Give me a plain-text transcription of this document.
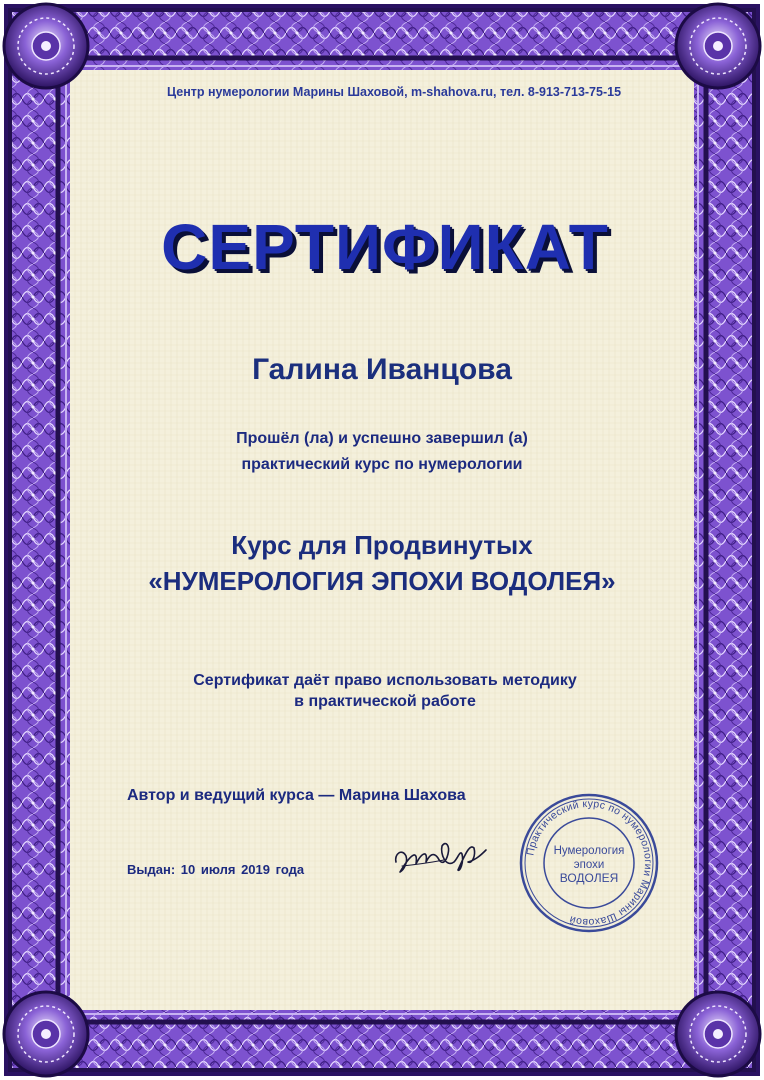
Центр нумерологии Марины Шаховой, m-shahova.ru, тел. 8-913-713-75-15
СЕРТИФИКАТ
Галина Иванцова
Прошёл (ла) и успешно завершил (а)
практический курс по нумерологии
Курс для Продвинутых
«НУМЕРОЛОГИЯ ЭПОХИ ВОДОЛЕЯ»
Сертификат даёт право использовать методику
в практической работе
Автор и ведущий курса — Марина Шахова
Выдан: 10 июля 2019 года
Практический курс по нумерологии Марины Шаховой
Нумерология
эпохи
ВОДОЛЕЯ
